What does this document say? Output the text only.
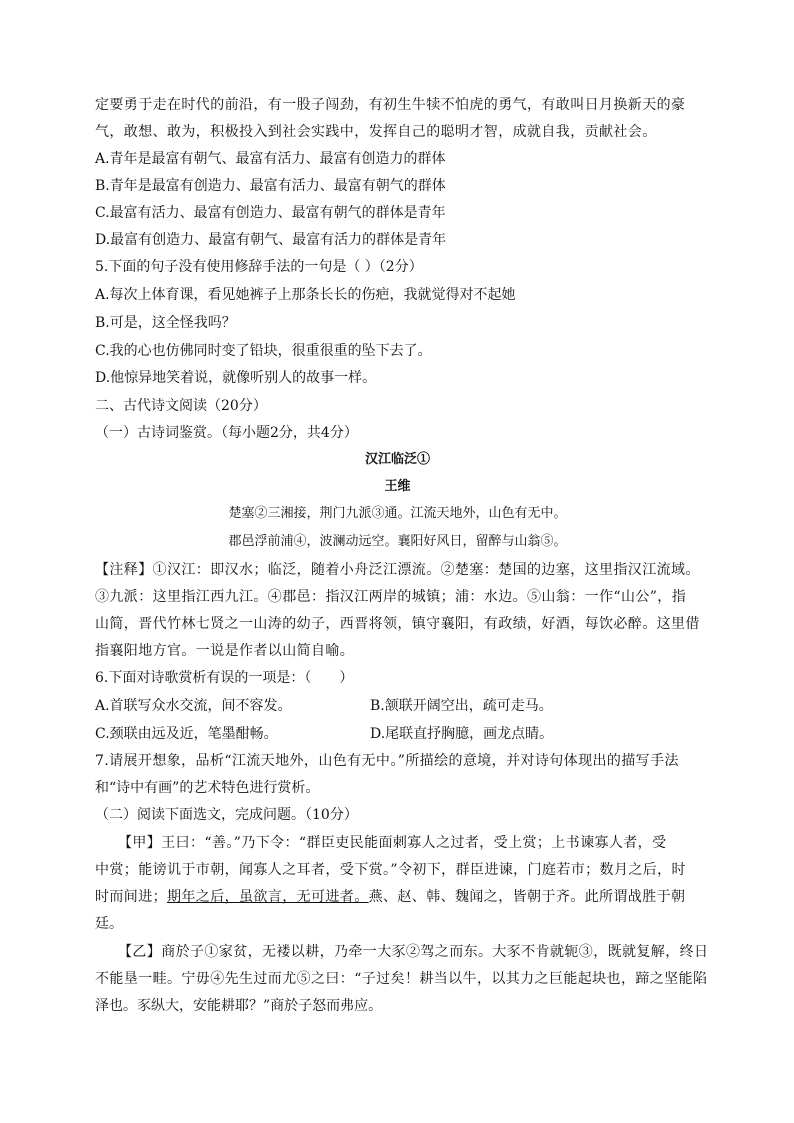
定要勇于走在时代的前沿，有一股子闯劲，有初生牛犊不怕虎的勇气，有敢叫日月换新天的豪
气，敢想、敢为，积极投入到社会实践中，发挥自己的聪明才智，成就自我，贡献社会。
A.青年是最富有朝气、最富有活力、最富有创造力的群体
B.青年是最富有创造力、最富有活力、最富有朝气的群体
C.最富有活力、最富有创造力、最富有朝气的群体是青年
D.最富有创造力、最富有朝气、最富有活力的群体是青年
5.下面的句子没有使用修辞手法的一句是（ ）（2分）
A.每次上体育课，看见她裤子上那条长长的伤疤，我就觉得对不起她
B.可是，这全怪我吗？
C.我的心也仿佛同时变了铅块，很重很重的坠下去了。
D.他惊异地笑着说，就像听别人的故事一样。
二、古代诗文阅读（20分）
（一）古诗词鉴赏。（每小题2分，共4分）
汉江临泛①
王维
楚塞②三湘接，荆门九派③通。江流天地外，山色有无中。
郡邑浮前浦④，波澜动远空。襄阳好风日，留醉与山翁⑤。
【注释】①汉江：即汉水；临泛，随着小舟泛江漂流。②楚塞：楚国的边塞，这里指汉江流域。
③九派：这里指江西九江。④郡邑：指汉江两岸的城镇；浦：水边。⑤山翁：一作“山公”，指
山简，晋代竹林七贤之一山涛的幼子，西晋将领，镇守襄阳，有政绩，好酒，每饮必醉。这里借
指襄阳地方官。一说是作者以山简自喻。
6.下面对诗歌赏析有误的一项是：（　　）
A.首联写众水交流，间不容发。	B.颔联开阔空出，疏可走马。
C.颈联由远及近，笔墨酣畅。	D.尾联直抒胸臆，画龙点睛。
7.请展开想象，品析“江流天地外，山色有无中。”所描绘的意境，并对诗句体现出的描写手法
和“诗中有画”的艺术特色进行赏析。
（二）阅读下面选文，完成问题。（10分）
【甲】王曰：“善。”乃下令：“群臣吏民能面刺寡人之过者，受上赏；上书谏寡人者，受
中赏；能谤讥于市朝，闻寡人之耳者，受下赏。”令初下，群臣进谏，门庭若市；数月之后，时
时而间进；期年之后，虽欲言，无可进者。燕、赵、韩、魏闻之，皆朝于齐。此所谓战胜于朝
廷。
【乙】商於子①家贫，无褛以耕，乃牵一大豕②驾之而东。大豕不肯就轭③，既就复解，终日
不能垦一畦。宁毋④先生过而尤⑤之曰：“子过矣！耕当以牛，以其力之巨能起块也，蹄之坚能陷
泽也。豕纵大，安能耕耶？”商於子怒而弗应。
